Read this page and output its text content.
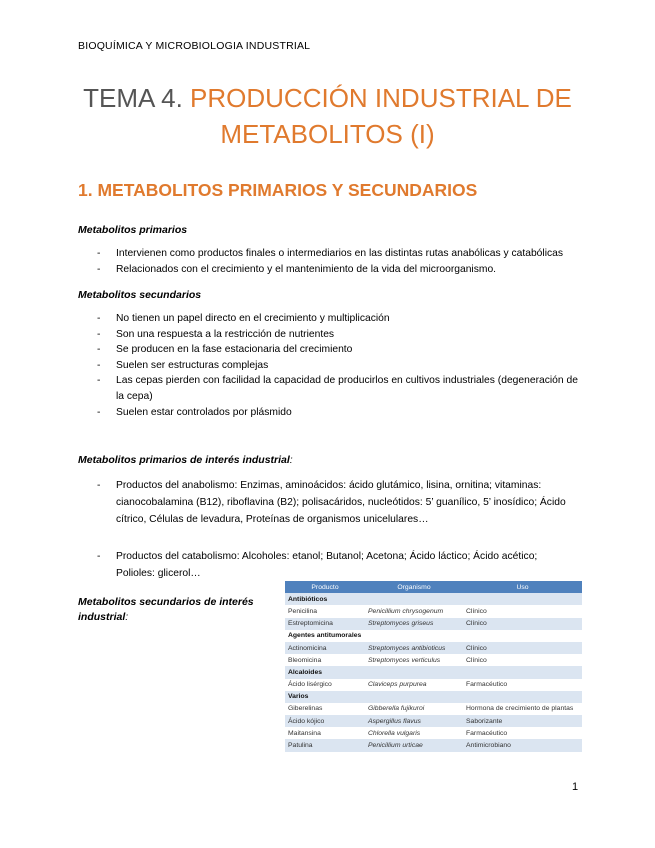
BIOQUÍMICA Y MICROBIOLOGIA INDUSTRIAL
TEMA 4. PRODUCCIÓN INDUSTRIAL DE
METABOLITOS (I)
1. METABOLITOS PRIMARIOS Y SECUNDARIOS
Metabolitos primarios
- Intervienen como productos finales o intermediarios en las distintas rutas anabólicas y catabólicas
- Relacionados con el crecimiento y el mantenimiento de la vida del microorganismo.
Metabolitos secundarios
- No tienen un papel directo en el crecimiento y multiplicación
- Son una respuesta a la restricción de nutrientes
- Se producen en la fase estacionaria del crecimiento
- Suelen ser estructuras complejas
- Las cepas pierden con facilidad la capacidad de producirlos en cultivos industriales (degeneración de la cepa)
- Suelen estar controlados por plásmido
Metabolitos primarios de interés industrial:
- Productos del anabolismo: Enzimas, aminoácidos: ácido glutámico, lisina, ornitina; vitaminas: cianocobalamina (B12), riboflavina (B2); polisacáridos, nucleótidos: 5’ guanílico, 5’ inosídico; Ácido cítrico, Células de levadura, Proteínas de organismos unicelulares…
- Productos del catabolismo: Alcoholes: etanol; Butanol; Acetona; Ácido láctico; Ácido acético; Polioles: glicerol…
Metabolitos secundarios de interés industrial:
Producto	Organismo	Uso
Antibióticos		
Penicilina	Penicillium chrysogenum	Clínico
Estreptomicina	Streptomyces griseus	Clínico
Agentes antitumorales		
Actinomicina	Streptomyces antibioticus	Clínico
Bleomicina	Streptomyces verticulus	Clínico
Alcaloides		
Ácido lisérgico	Claviceps purpurea	Farmacéutico
Varios		
Giberelinas	Gibberella fujikuroi	Hormona de crecimiento de plantas
Ácido kójico	Aspergillus flavus	Saborizante
Maitansina	Chlorella vulgaris	Farmacéutico
Patulina	Penicillium urticae	Antimicrobiano
1
